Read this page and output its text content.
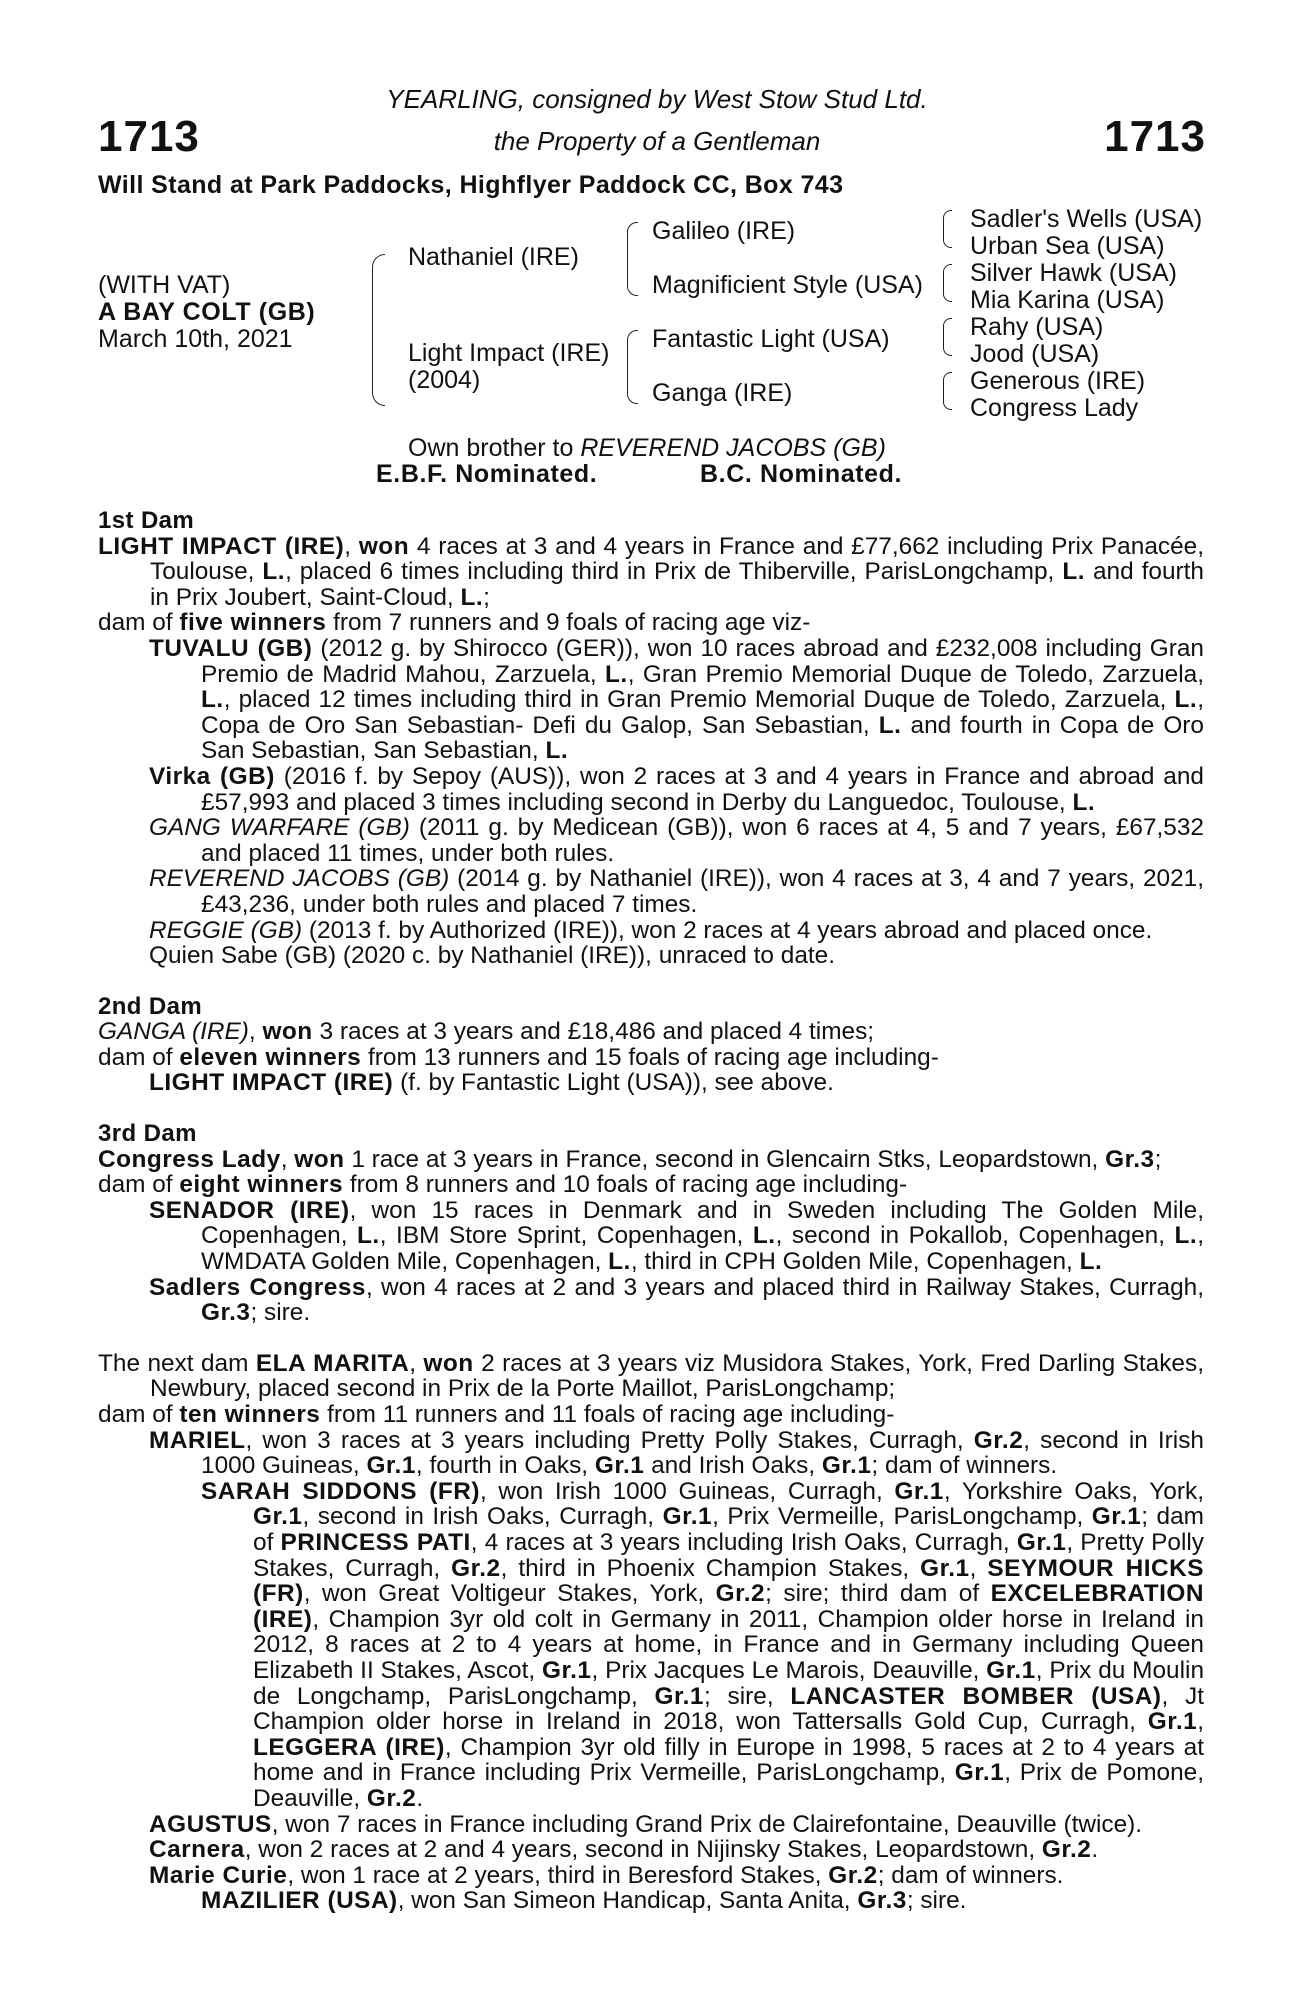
1713	1713
YEARLING, consigned by West Stow Stud Ltd.
the Property of a Gentleman
Will Stand at Park Paddocks, Highflyer Paddock CC, Box 743
(WITH VAT)
A BAY COLT (GB)
March 10th, 2021
Nathaniel (IRE)
Light Impact (IRE)
(2004)
Galileo (IRE)
Magnificient Style (USA)
Fantastic Light (USA)
Ganga (IRE)
Sadler's Wells (USA)
Urban Sea (USA)
Silver Hawk (USA)
Mia Karina (USA)
Rahy (USA)
Jood (USA)
Generous (IRE)
Congress Lady
Own brother to REVEREND JACOBS (GB)
E.B.F. Nominated.	B.C. Nominated.
1st Dam

LIGHT IMPACT (IRE), won 4 races at 3 and 4 years in France and £77,662 including Prix Panacée, Toulouse, L., placed 6 times including third in Prix de Thiberville, ParisLongchamp, L. and fourth in Prix Joubert, Saint-Cloud, L.;

dam of five winners from 7 runners and 9 foals of racing age viz-

TUVALU (GB) (2012 g. by Shirocco (GER)), won 10 races abroad and £232,008 including Gran Premio de Madrid Mahou, Zarzuela, L., Gran Premio Memorial Duque de Toledo, Zarzuela, L., placed 12 times including third in Gran Premio Memorial Duque de Toledo, Zarzuela, L., Copa de Oro San Sebastian- Defi du Galop, San Sebastian, L. and fourth in Copa de Oro San Sebastian, San Sebastian, L.

Virka (GB) (2016 f. by Sepoy (AUS)), won 2 races at 3 and 4 years in France and abroad and £57,993 and placed 3 times including second in Derby du Languedoc, Toulouse, L.

GANG WARFARE (GB) (2011 g. by Medicean (GB)), won 6 races at 4, 5 and 7 years, £67,532 and placed 11 times, under both rules.

REVEREND JACOBS (GB) (2014 g. by Nathaniel (IRE)), won 4 races at 3, 4 and 7 years, 2021, £43,236, under both rules and placed 7 times.

REGGIE (GB) (2013 f. by Authorized (IRE)), won 2 races at 4 years abroad and placed once.

Quien Sabe (GB) (2020 c. by Nathaniel (IRE)), unraced to date.

2nd Dam

GANGA (IRE), won 3 races at 3 years and £18,486 and placed 4 times;

dam of eleven winners from 13 runners and 15 foals of racing age including-

LIGHT IMPACT (IRE) (f. by Fantastic Light (USA)), see above.

3rd Dam

Congress Lady, won 1 race at 3 years in France, second in Glencairn Stks, Leopardstown, Gr.3;

dam of eight winners from 8 runners and 10 foals of racing age including-

SENADOR (IRE), won 15 races in Denmark and in Sweden including The Golden Mile, Copenhagen, L., IBM Store Sprint, Copenhagen, L., second in Pokallob, Copenhagen, L., WMDATA Golden Mile, Copenhagen, L., third in CPH Golden Mile, Copenhagen, L.

Sadlers Congress, won 4 races at 2 and 3 years and placed third in Railway Stakes, Curragh, Gr.3; sire.

The next dam ELA MARITA, won 2 races at 3 years viz Musidora Stakes, York, Fred Darling Stakes, Newbury, placed second in Prix de la Porte Maillot, ParisLongchamp;

dam of ten winners from 11 runners and 11 foals of racing age including-

MARIEL, won 3 races at 3 years including Pretty Polly Stakes, Curragh, Gr.2, second in Irish 1000 Guineas, Gr.1, fourth in Oaks, Gr.1 and Irish Oaks, Gr.1; dam of winners.

SARAH SIDDONS (FR), won Irish 1000 Guineas, Curragh, Gr.1, Yorkshire Oaks, York, Gr.1, second in Irish Oaks, Curragh, Gr.1, Prix Vermeille, ParisLongchamp, Gr.1; dam of PRINCESS PATI, 4 races at 3 years including Irish Oaks, Curragh, Gr.1, Pretty Polly Stakes, Curragh, Gr.2, third in Phoenix Champion Stakes, Gr.1, SEYMOUR HICKS (FR), won Great Voltigeur Stakes, York, Gr.2; sire; third dam of EXCELEBRATION (IRE), Champion 3yr old colt in Germany in 2011, Champion older horse in Ireland in 2012, 8 races at 2 to 4 years at home, in France and in Germany including Queen Elizabeth II Stakes, Ascot, Gr.1, Prix Jacques Le Marois, Deauville, Gr.1, Prix du Moulin de Longchamp, ParisLongchamp, Gr.1; sire, LANCASTER BOMBER (USA), Jt Champion older horse in Ireland in 2018, won Tattersalls Gold Cup, Curragh, Gr.1, LEGGERA (IRE), Champion 3yr old filly in Europe in 1998, 5 races at 2 to 4 years at home and in France including Prix Vermeille, ParisLongchamp, Gr.1, Prix de Pomone, Deauville, Gr.2.

AGUSTUS, won 7 races in France including Grand Prix de Clairefontaine, Deauville (twice).

Carnera, won 2 races at 2 and 4 years, second in Nijinsky Stakes, Leopardstown, Gr.2.

Marie Curie, won 1 race at 2 years, third in Beresford Stakes, Gr.2; dam of winners.

MAZILIER (USA), won San Simeon Handicap, Santa Anita, Gr.3; sire.
